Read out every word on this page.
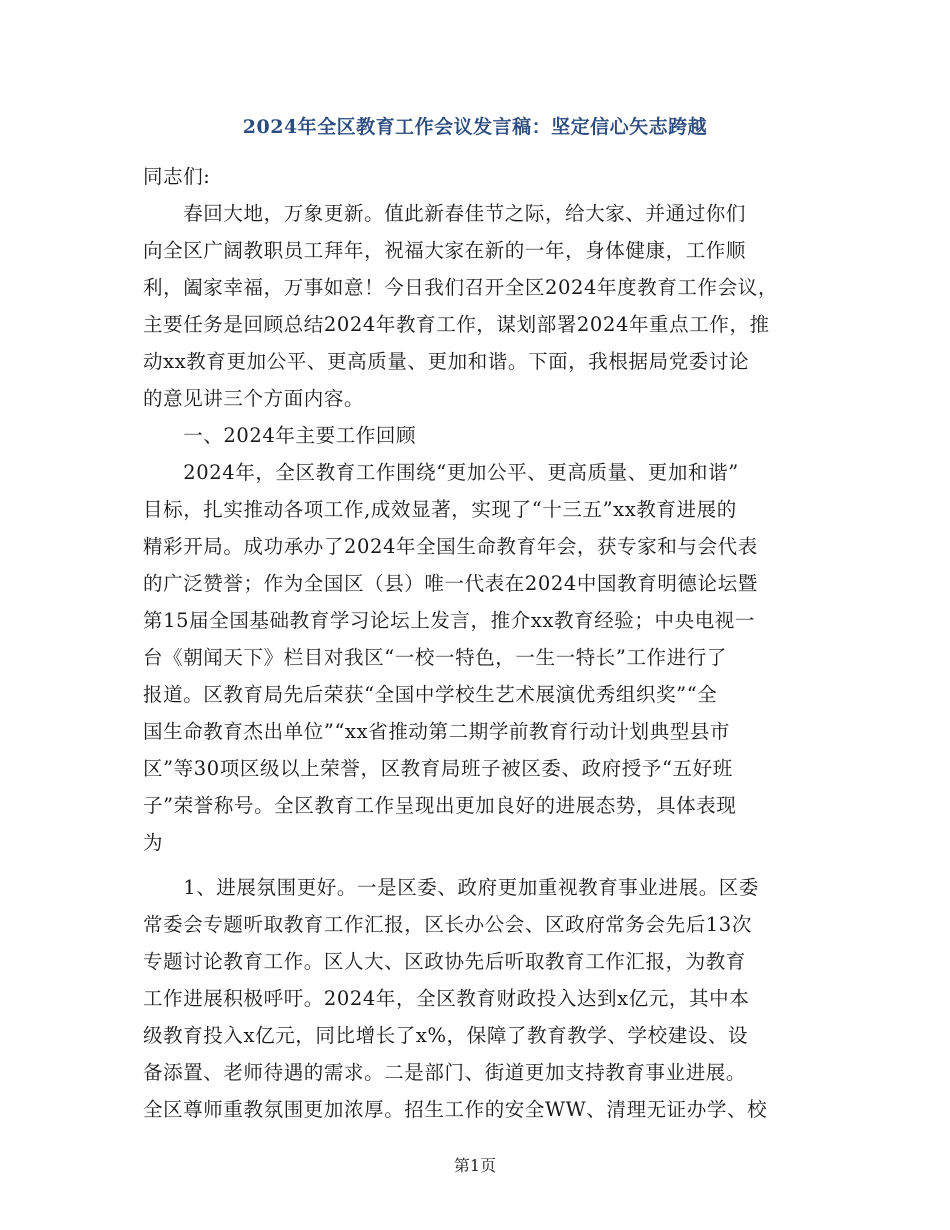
2024年全区教育工作会议发言稿：坚定信心矢志跨越
同志们:
　　春回大地，万象更新。值此新春佳节之际，给大家、并通过你们
向全区广阔教职员工拜年，祝福大家在新的一年，身体健康，工作顺
利，阖家幸福，万事如意！今日我们召开全区2024年度教育工作会议，
主要任务是回顾总结2024年教育工作，谋划部署2024年重点工作，推
动xx教育更加公平、更高质量、更加和谐。下面，我根据局党委讨论
的意见讲三个方面内容。
　　一、2024年主要工作回顾
　　2024年，全区教育工作围绕“更加公平、更高质量、更加和谐”
目标，扎实推动各项工作,成效显著，实现了“十三五”xx教育进展的
精彩开局。成功承办了2024年全国生命教育年会，获专家和与会代表
的广泛赞誉；作为全国区（县）唯一代表在2024中国教育明德论坛暨
第15届全国基础教育学习论坛上发言，推介xx教育经验；中央电视一
台《朝闻天下》栏目对我区“一校一特色，一生一特长”工作进行了
报道。区教育局先后荣获“全国中学校生艺术展演优秀组织奖”“全
国生命教育杰出单位”“xx省推动第二期学前教育行动计划典型县市
区”等30项区级以上荣誉，区教育局班子被区委、政府授予“五好班
子”荣誉称号。全区教育工作呈现出更加良好的进展态势，具体表现
为
　　1、进展氛围更好。一是区委、政府更加重视教育事业进展。区委
常委会专题听取教育工作汇报，区长办公会、区政府常务会先后13次
专题讨论教育工作。区人大、区政协先后听取教育工作汇报，为教育
工作进展积极呼吁。2024年，全区教育财政投入达到x亿元，其中本
级教育投入x亿元，同比增长了x%，保障了教育教学、学校建设、设
备添置、老师待遇的需求。二是部门、街道更加支持教育事业进展。
全区尊师重教氛围更加浓厚。招生工作的安全WW、清理无证办学、校
第1页
